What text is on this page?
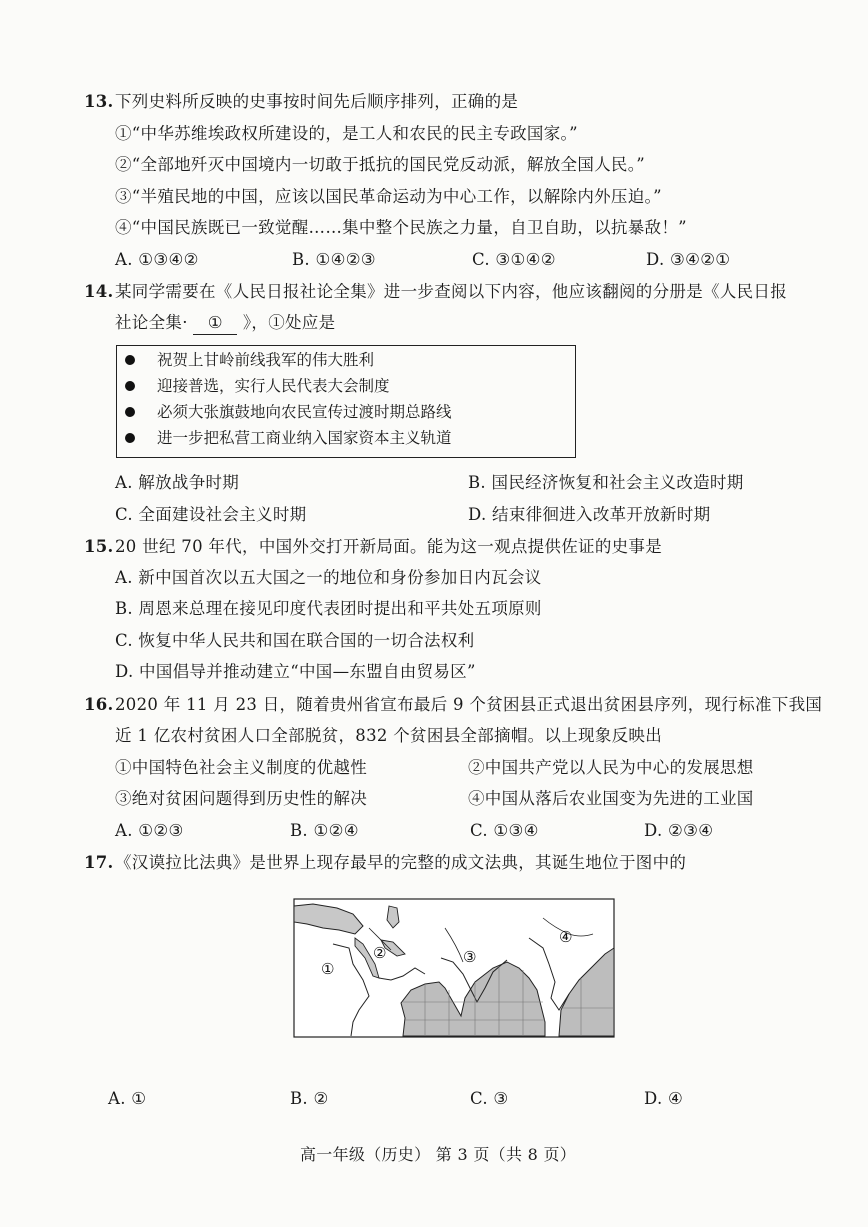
13. 下列史料所反映的史事按时间先后顺序排列，正确的是
①“中华苏维埃政权所建设的，是工人和农民的民主专政国家。”
②“全部地歼灭中国境内一切敢于抵抗的国民党反动派，解放全国人民。”
③“半殖民地的中国，应该以国民革命运动为中心工作，以解除内外压迫。”
④“中国民族既已一致觉醒……集中整个民族之力量，自卫自助，以抗暴敌！”
A. ①③④②	B. ①④②③	C. ③①④②	D. ③④②①
14. 某同学需要在《人民日报社论全集》进一步查阅以下内容，他应该翻阅的分册是《人民日报
社论全集· ① 》，①处应是
祝贺上甘岭前线我军的伟大胜利
迎接普选，实行人民代表大会制度
必须大张旗鼓地向农民宣传过渡时期总路线
进一步把私营工商业纳入国家资本主义轨道
A. 解放战争时期	B. 国民经济恢复和社会主义改造时期
C. 全面建设社会主义时期	D. 结束徘徊进入改革开放新时期
15. 20 世纪 70 年代，中国外交打开新局面。能为这一观点提供佐证的史事是
A. 新中国首次以五大国之一的地位和身份参加日内瓦会议
B. 周恩来总理在接见印度代表团时提出和平共处五项原则
C. 恢复中华人民共和国在联合国的一切合法权利
D. 中国倡导并推动建立“中国—东盟自由贸易区”
16. 2020 年 11 月 23 日，随着贵州省宣布最后 9 个贫困县正式退出贫困县序列，现行标准下我国
近 1 亿农村贫困人口全部脱贫，832 个贫困县全部摘帽。以上现象反映出
①中国特色社会主义制度的优越性	②中国共产党以人民为中心的发展思想
③绝对贫困问题得到历史性的解决	④中国从落后农业国变为先进的工业国
A. ①②③	B. ①②④	C. ①③④	D. ②③④
17. 《汉谟拉比法典》是世界上现存最早的完整的成文法典，其诞生地位于图中的
①
②	③
④
A. ①	B. ②	C. ③	D. ④
高一年级（历史） 第 3 页（共 8 页）
